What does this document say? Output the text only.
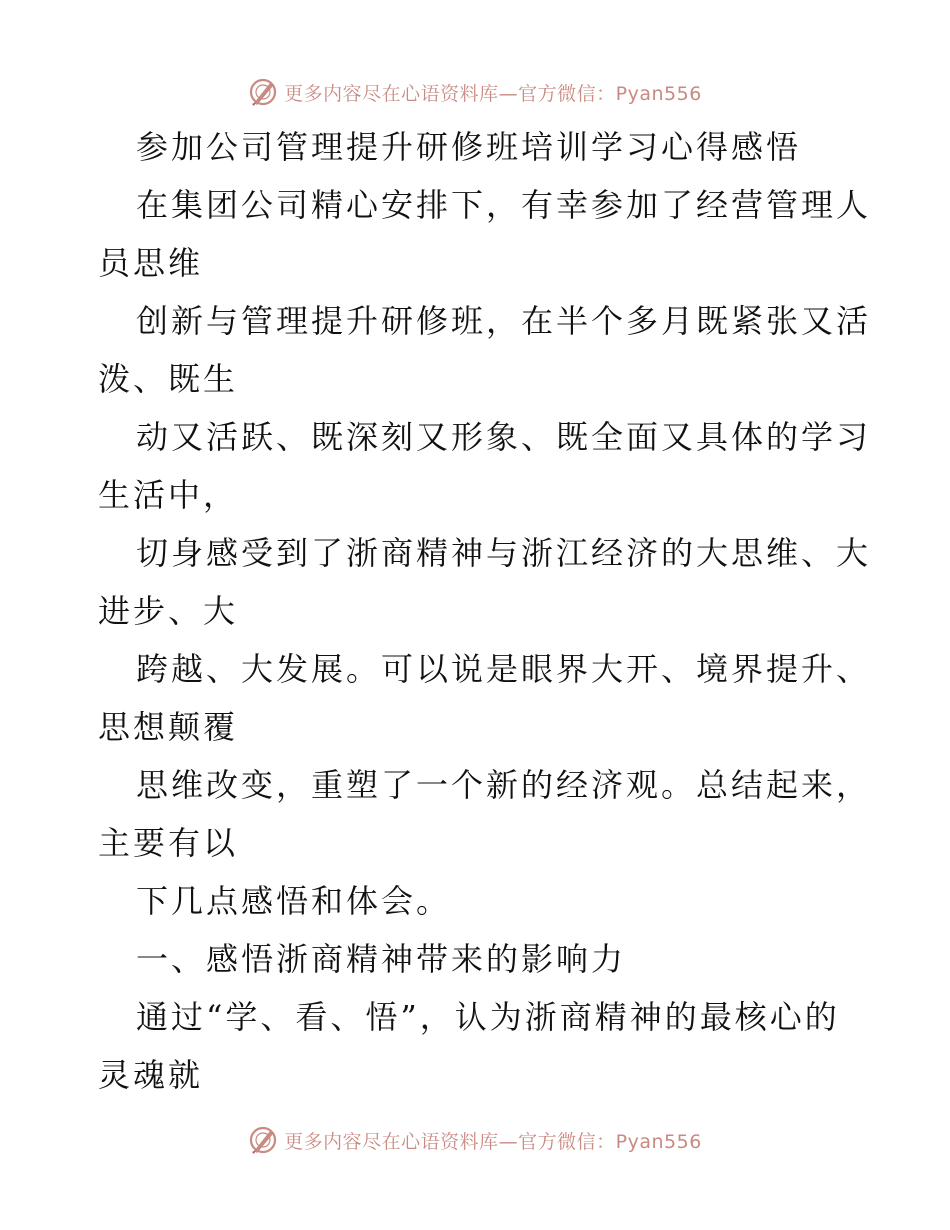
更多内容尽在心语资料库—官方微信：Pyan556
参加公司管理提升研修班培训学习心得感悟
在集团公司精心安排下，有幸参加了经营管理人
员思维
创新与管理提升研修班，在半个多月既紧张又活
泼、既生
动又活跃、既深刻又形象、既全面又具体的学习
生活中，
切身感受到了浙商精神与浙江经济的大思维、大
进步、大
跨越、大发展。可以说是眼界大开、境界提升、
思想颠覆
思维改变，重塑了一个新的经济观。总结起来，
主要有以
下几点感悟和体会。
一、感悟浙商精神带来的影响力
通过“学、看、悟”，认为浙商精神的最核心的
灵魂就
更多内容尽在心语资料库—官方微信：Pyan556
